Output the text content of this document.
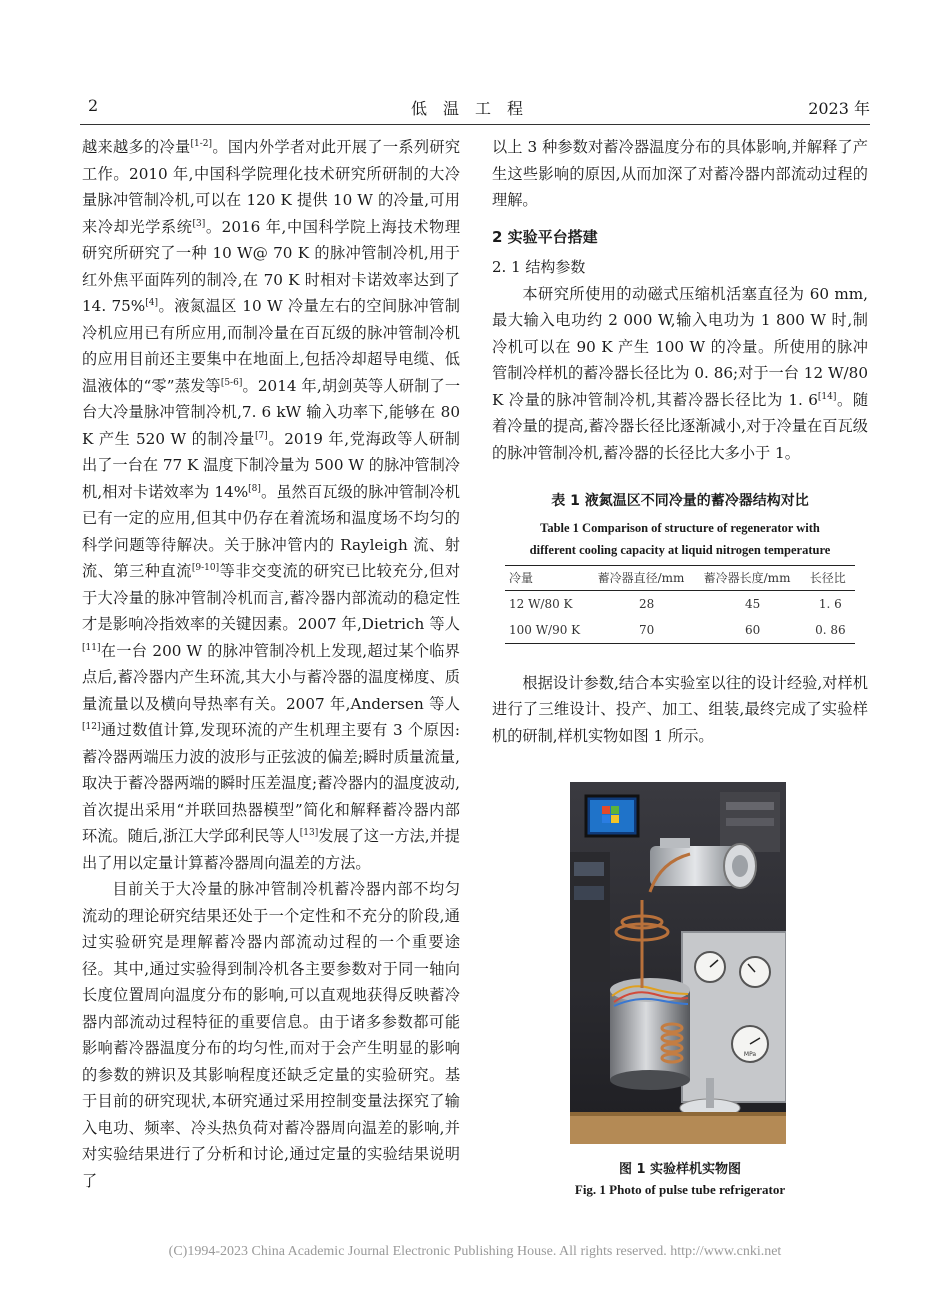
2	低温工程	2023 年

越来越多的冷量[1-2]。国内外学者对此开展了一系列研究工作。2010 年,中国科学院理化技术研究所研制的大冷量脉冲管制冷机,可以在 120 K 提供 10 W 的冷量,可用来冷却光学系统[3]。2016 年,中国科学院上海技术物理研究所研究了一种 10 W@ 70 K 的脉冲管制冷机,用于红外焦平面阵列的制冷,在 70 K 时相对卡诺效率达到了 14. 75%[4]。液氮温区 10 W 冷量左右的空间脉冲管制冷机应用已有所应用,而制冷量在百瓦级的脉冲管制冷机的应用目前还主要集中在地面上,包括冷却超导电缆、低温液体的“零”蒸发等[5-6]。2014 年,胡剑英等人研制了一台大冷量脉冲管制冷机,7. 6 kW 输入功率下,能够在 80 K 产生 520 W 的制冷量[7]。2019 年,党海政等人研制出了一台在 77 K 温度下制冷量为 500 W 的脉冲管制冷机,相对卡诺效率为 14%[8]。虽然百瓦级的脉冲管制冷机已有一定的应用,但其中仍存在着流场和温度场不均匀的科学问题等待解决。关于脉冲管内的 Rayleigh 流、射流、第三种直流[9-10]等非交变流的研究已比较充分,但对于大冷量的脉冲管制冷机而言,蓄冷器内部流动的稳定性才是影响冷指效率的关键因素。2007 年,Dietrich 等人[11]在一台 200 W 的脉冲管制冷机上发现,超过某个临界点后,蓄冷器内产生环流,其大小与蓄冷器的温度梯度、质量流量以及横向导热率有关。2007 年,Andersen 等人[12]通过数值计算,发现环流的产生机理主要有 3 个原因:蓄冷器两端压力波的波形与正弦波的偏差;瞬时质量流量,取决于蓄冷器两端的瞬时压差温度;蓄冷器内的温度波动,首次提出采用“并联回热器模型”简化和解释蓄冷器内部环流。随后,浙江大学邱利民等人[13]发展了这一方法,并提出了用以定量计算蓄冷器周向温差的方法。

目前关于大冷量的脉冲管制冷机蓄冷器内部不均匀流动的理论研究结果还处于一个定性和不充分的阶段,通过实验研究是理解蓄冷器内部流动过程的一个重要途径。其中,通过实验得到制冷机各主要参数对于同一轴向长度位置周向温度分布的影响,可以直观地获得反映蓄冷器内部流动过程特征的重要信息。由于诸多参数都可能影响蓄冷器温度分布的均匀性,而对于会产生明显的影响的参数的辨识及其影响程度还缺乏定量的实验研究。基于目前的研究现状,本研究通过采用控制变量法探究了输入电功、频率、冷头热负荷对蓄冷器周向温差的影响,并对实验结果进行了分析和讨论,通过定量的实验结果说明了

以上 3 种参数对蓄冷器温度分布的具体影响,并解释了产生这些影响的原因,从而加深了对蓄冷器内部流动过程的理解。

2 实验平台搭建
2. 1 结构参数

本研究所使用的动磁式压缩机活塞直径为 60 mm,最大输入电功约 2 000 W,输入电功为 1 800 W 时,制冷机可以在 90 K 产生 100 W 的冷量。所使用的脉冲管制冷样机的蓄冷器长径比为 0. 86;对于一台 12 W/80 K 冷量的脉冲管制冷机,其蓄冷器长径比为 1. 6[14]。随着冷量的提高,蓄冷器长径比逐渐减小,对于冷量在百瓦级的脉冲管制冷机,蓄冷器的长径比大多小于 1。

表 1 液氮温区不同冷量的蓄冷器结构对比
Table 1 Comparison of structure of regenerator with
different cooling capacity at liquid nitrogen temperature
冷量	蓄冷器直径/mm	蓄冷器长度/mm	长径比
12 W/80 K	28	45	1. 6
100 W/90 K	70	60	0. 86

根据设计参数,结合本实验室以往的设计经验,对样机进行了三维设计、投产、加工、组装,最终完成了实验样机的研制,样机实物如图 1 所示。

MPa
图 1 实验样机实物图
Fig. 1 Photo of pulse tube refrigerator
(C)1994-2023 China Academic Journal Electronic Publishing House. All rights reserved. http://www.cnki.net
